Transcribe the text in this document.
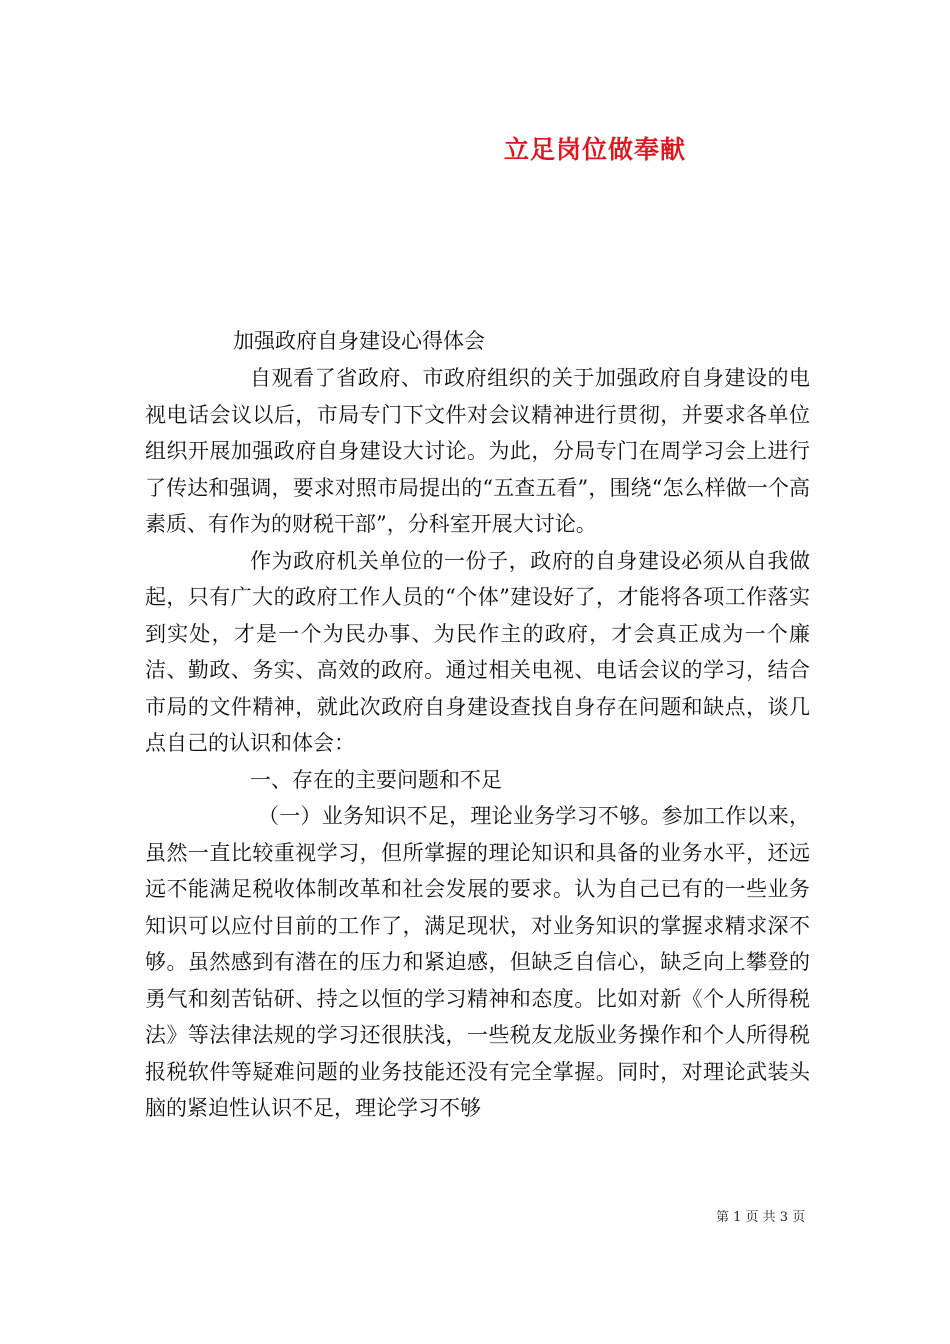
立足岗位做奉献
加强政府自身建设心得体会

自观看了省政府、市政府组织的关于加强政府自身建设的电视电话会议以后，市局专门下文件对会议精神进行贯彻，并要求各单位组织开展加强政府自身建设大讨论。为此，分局专门在周学习会上进行了传达和强调，要求对照市局提出的“五查五看”，围绕“怎么样做一个高素质、有作为的财税干部”，分科室开展大讨论。

作为政府机关单位的一份子，政府的自身建设必须从自我做起，只有广大的政府工作人员的“个体”建设好了，才能将各项工作落实到实处，才是一个为民办事、为民作主的政府，才会真正成为一个廉洁、勤政、务实、高效的政府。通过相关电视、电话会议的学习，结合市局的文件精神，就此次政府自身建设查找自身存在问题和缺点，谈几点自己的认识和体会：

一、存在的主要问题和不足

（一）业务知识不足，理论业务学习不够。参加工作以来，虽然一直比较重视学习，但所掌握的理论知识和具备的业务水平，还远远不能满足税收体制改革和社会发展的要求。认为自己已有的一些业务知识可以应付目前的工作了，满足现状，对业务知识的掌握求精求深不够。虽然感到有潜在的压力和紧迫感，但缺乏自信心，缺乏向上攀登的勇气和刻苦钻研、持之以恒的学习精神和态度。比如对新《个人所得税法》等法律法规的学习还很肤浅，一些税友龙版业务操作和个人所得税报税软件等疑难问题的业务技能还没有完全掌握。同时，对理论武装头脑的紧迫性认识不足，理论学习不够

第 1 页 共 3 页
